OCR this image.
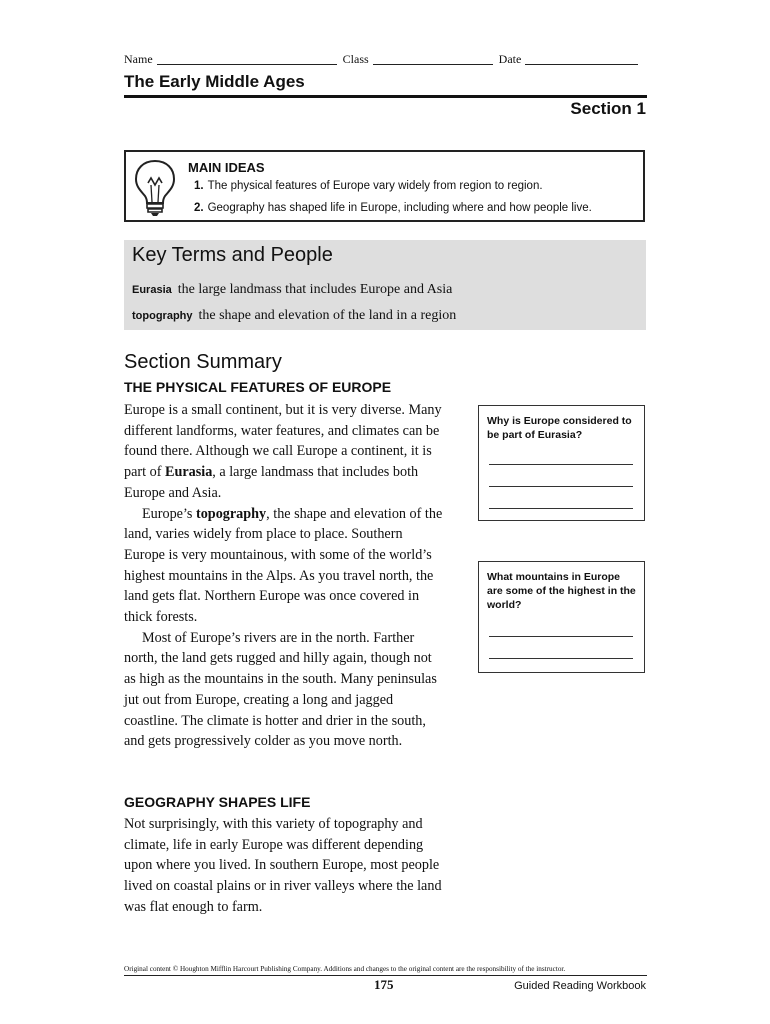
Name	Class	Date
The Early Middle Ages
Section 1
MAIN IDEAS
1. The physical features of Europe vary widely from region to region.
2. Geography has shaped life in Europe, including where and how people live.
Key Terms and People
Eurasia the large landmass that includes Europe and Asia
topography the shape and elevation of the land in a region
Section Summary
THE PHYSICAL FEATURES OF EUROPE

Europe is a small continent, but it is very diverse. Many different landforms, water features, and climates can be found there. Although we call Europe a continent, it is part of Eurasia, a large landmass that includes both Europe and Asia.

Europe’s topography, the shape and elevation of the land, varies widely from place to place. Southern Europe is very mountainous, with some of the world’s highest mountains in the Alps. As you travel north, the land gets flat. Northern Europe was once covered in thick forests.

Most of Europe’s rivers are in the north. Farther north, the land gets rugged and hilly again, though not as high as the mountains in the south. Many peninsulas jut out from Europe, creating a long and jagged coastline. The climate is hotter and drier in the south, and gets progressively colder as you move north.

GEOGRAPHY SHAPES LIFE

Not surprisingly, with this variety of topography and climate, life in early Europe was different depending upon where you lived. In southern Europe, most people lived on coastal plains or in river valleys where the land was flat enough to farm.

Why is Europe considered to be part of Eurasia?
What mountains in Europe are some of the highest in the world?
Original content © Houghton Mifflin Harcourt Publishing Company. Additions and changes to the original content are the responsibility of the instructor.
175	Guided Reading Workbook
